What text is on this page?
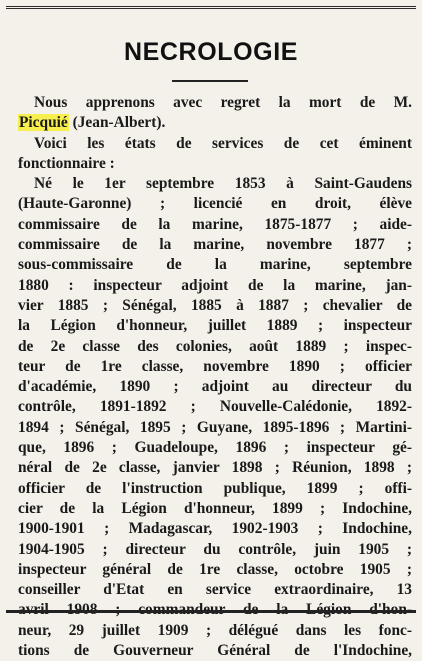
NECROLOGIE
Nous apprenons avec regret la mort de M.
Picquié (Jean-Albert).
Voici les états de services de cet éminent
fonctionnaire :
Né le 1er septembre 1853 à Saint-Gaudens
(Haute-Garonne) ; licencié en droit, élève
commissaire de la marine, 1875-1877 ; aide-
commissaire de la marine, novembre 1877 ;
sous-commissaire de la marine, septembre
1880 : inspecteur adjoint de la marine, jan-
vier 1885 ; Sénégal, 1885 à 1887 ; chevalier de
la Légion d'honneur, juillet 1889 ; inspecteur
de 2e classe des colonies, août 1889 ; inspec-
teur de 1re classe, novembre 1890 ; officier
d'académie, 1890 ; adjoint au directeur du
contrôle, 1891-1892 ; Nouvelle-Calédonie, 1892-
1894 ; Sénégal, 1895 ; Guyane, 1895-1896 ; Martini-
que, 1896 ; Guadeloupe, 1896 ; inspecteur gé-
néral de 2e classe, janvier 1898 ; Réunion, 1898 ;
officier de l'instruction publique, 1899 ; offi-
cier de la Légion d'honneur, 1899 ; Indochine,
1900-1901 ; Madagascar, 1902-1903 ; Indochine,
1904-1905 ; directeur du contrôle, juin 1905 ;
inspecteur général de 1re classe, octobre 1905 ;
conseiller d'Etat en service extraordinaire, 13
avril 1908 ; commandeur de la Légion d'hon-
neur, 29 juillet 1909 ; délégué dans les fonc-
tions de Gouverneur Général de l'Indochine,
